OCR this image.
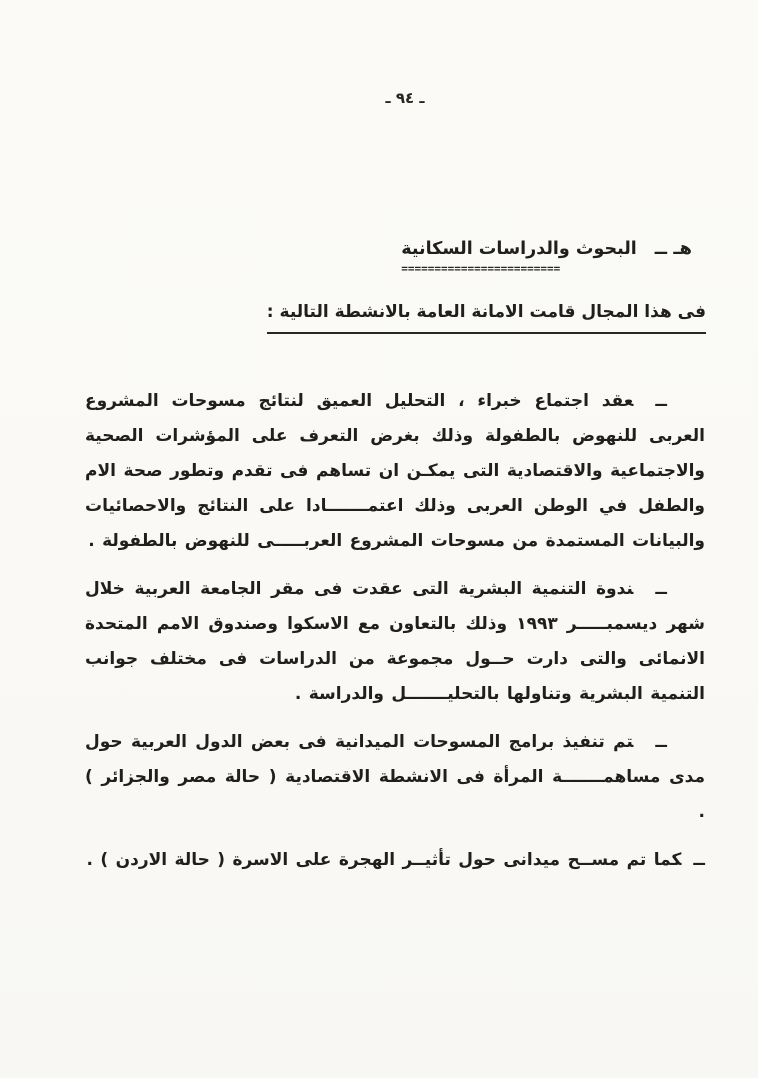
ـ ٩٤ ـ
هـ ــ
البحوث والدراسات السكانية
========================
فى هذا المجال قامت الامانة العامة بالانشطة التالية :

ــعقد اجتماع خبراء ، التحليل العميق لنتائج مسوحات المشروع العربى للنهوض بالطفولة وذلك بغرض التعرف على المؤشرات الصحية والاجتماعية والاقتصادية التى يمكـن ان تساهم فى تقدم وتطور صحة الام والطفل في الوطن العربى وذلك اعتمـــــــادا على النتائج والاحصائيات والبيانات المستمدة من مسوحات المشروع العربـــــى للنهوض بالطفولة .

ــندوة التنمية البشرية التى عقدت فى مقر الجامعة العربية خلال شهر ديسمبـــــر ١٩٩٣ وذلك بالتعاون مع الاسكوا وصندوق الامم المتحدة الانمائى والتى دارت حــول مجموعة من الدراسات فى مختلف جوانب التنمية البشرية وتناولها بالتحليـــــــل والدراسة .

ــتم تنفيذ برامج المسوحات الميدانية فى بعض الدول العربية حول مدى مساهمـــــــة المرأة فى الانشطة الاقتصادية ( حالة مصر والجزائر ) .

ــكما تم مســح ميدانى حول تأثيــر الهجرة على الاسرة ( حالة الاردن ) .
